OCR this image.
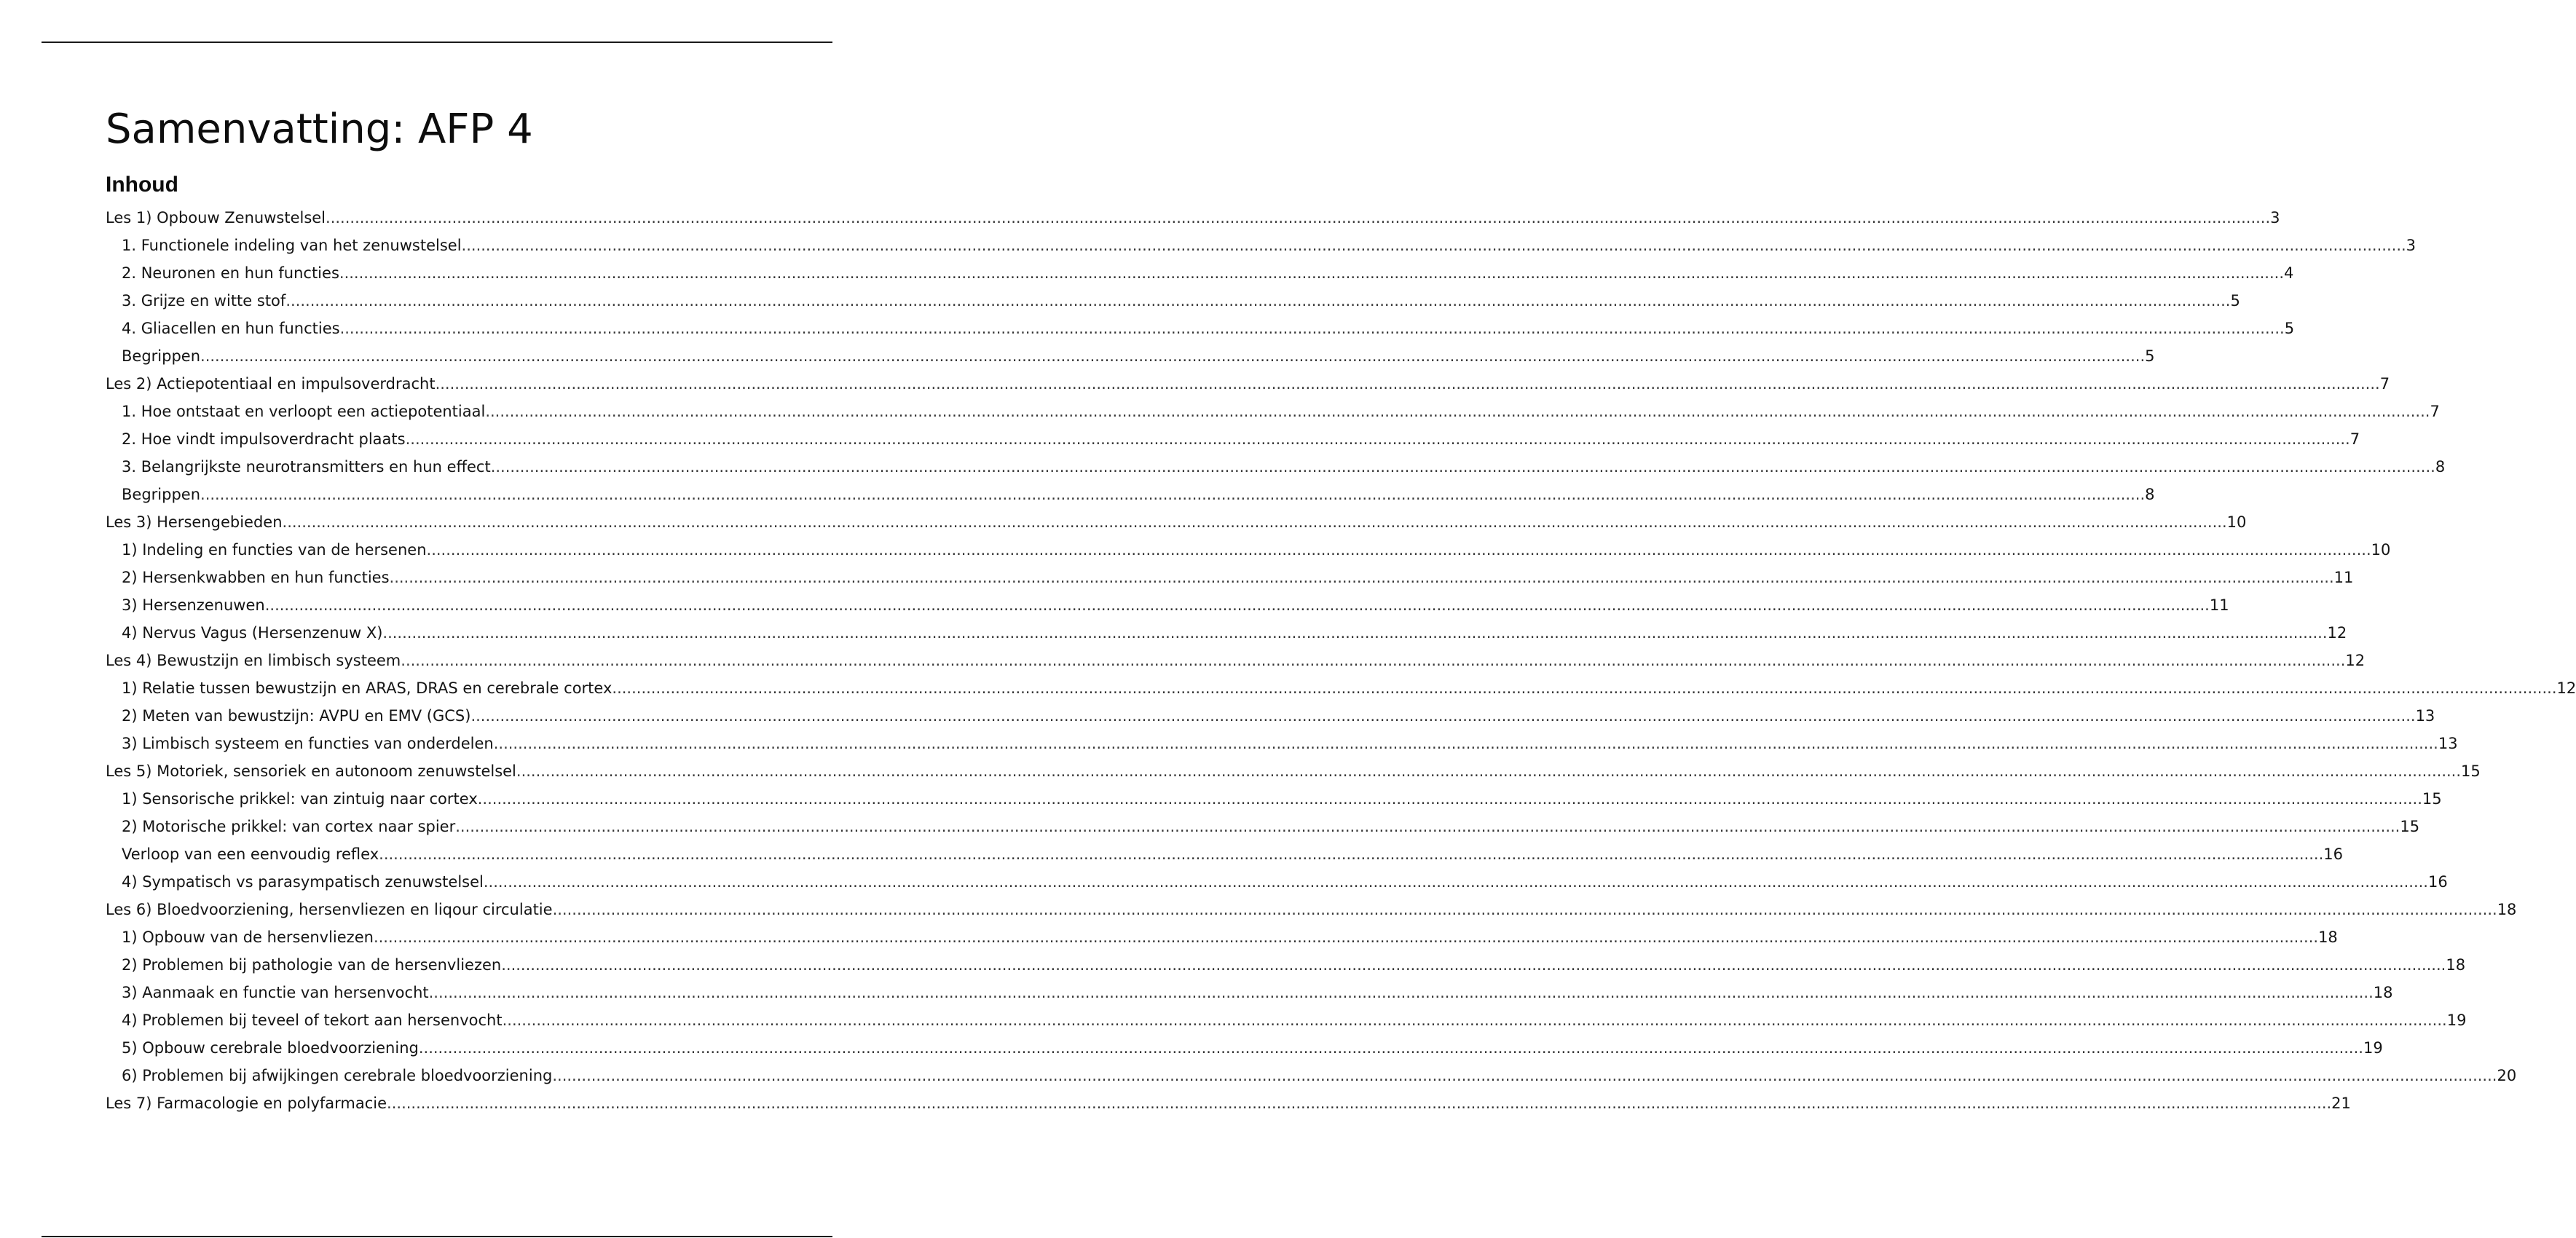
Samenvatting: AFP 4
Inhoud
Les 1) Opbouw Zenuwstelsel ................................................................................................................................................................................................................................................................................................................................................................................................................ 3
1. Functionele indeling van het zenuwstelsel ................................................................................................................................................................................................................................................................................................................................................................................................................ 3
2. Neuronen en hun functies ................................................................................................................................................................................................................................................................................................................................................................................................................ 4
3. Grijze en witte stof ................................................................................................................................................................................................................................................................................................................................................................................................................ 5
4. Gliacellen en hun functies ................................................................................................................................................................................................................................................................................................................................................................................................................ 5
Begrippen ................................................................................................................................................................................................................................................................................................................................................................................................................ 5
Les 2) Actiepotentiaal en impulsoverdracht ................................................................................................................................................................................................................................................................................................................................................................................................................ 7
1. Hoe ontstaat en verloopt een actiepotentiaal ................................................................................................................................................................................................................................................................................................................................................................................................................ 7
2. Hoe vindt impulsoverdracht plaats ................................................................................................................................................................................................................................................................................................................................................................................................................ 7
3. Belangrijkste neurotransmitters en hun effect ................................................................................................................................................................................................................................................................................................................................................................................................................ 8
Begrippen ................................................................................................................................................................................................................................................................................................................................................................................................................ 8
Les 3) Hersengebieden ................................................................................................................................................................................................................................................................................................................................................................................................................ 10
1) Indeling en functies van de hersenen ................................................................................................................................................................................................................................................................................................................................................................................................................ 10
2) Hersenkwabben en hun functies ................................................................................................................................................................................................................................................................................................................................................................................................................ 11
3) Hersenzenuwen ................................................................................................................................................................................................................................................................................................................................................................................................................ 11
4) Nervus Vagus (Hersenzenuw X) ................................................................................................................................................................................................................................................................................................................................................................................................................ 12
Les 4) Bewustzijn en limbisch systeem ................................................................................................................................................................................................................................................................................................................................................................................................................ 12
1) Relatie tussen bewustzijn en ARAS, DRAS en cerebrale cortex ................................................................................................................................................................................................................................................................................................................................................................................................................ 12
2) Meten van bewustzijn: AVPU en EMV (GCS) ................................................................................................................................................................................................................................................................................................................................................................................................................ 13
3) Limbisch systeem en functies van onderdelen ................................................................................................................................................................................................................................................................................................................................................................................................................ 13
Les 5) Motoriek, sensoriek en autonoom zenuwstelsel ................................................................................................................................................................................................................................................................................................................................................................................................................ 15
1) Sensorische prikkel: van zintuig naar cortex ................................................................................................................................................................................................................................................................................................................................................................................................................ 15
2) Motorische prikkel: van cortex naar spier ................................................................................................................................................................................................................................................................................................................................................................................................................ 15
Verloop van een eenvoudig reflex ................................................................................................................................................................................................................................................................................................................................................................................................................ 16
4) Sympatisch vs parasympatisch zenuwstelsel ................................................................................................................................................................................................................................................................................................................................................................................................................ 16
Les 6) Bloedvoorziening, hersenvliezen en liqour circulatie ................................................................................................................................................................................................................................................................................................................................................................................................................ 18
1) Opbouw van de hersenvliezen ................................................................................................................................................................................................................................................................................................................................................................................................................ 18
2) Problemen bij pathologie van de hersenvliezen ................................................................................................................................................................................................................................................................................................................................................................................................................ 18
3) Aanmaak en functie van hersenvocht ................................................................................................................................................................................................................................................................................................................................................................................................................ 18
4) Problemen bij teveel of tekort aan hersenvocht ................................................................................................................................................................................................................................................................................................................................................................................................................ 19
5) Opbouw cerebrale bloedvoorziening ................................................................................................................................................................................................................................................................................................................................................................................................................ 19
6) Problemen bij afwijkingen cerebrale bloedvoorziening ................................................................................................................................................................................................................................................................................................................................................................................................................ 20
Les 7) Farmacologie en polyfarmacie ................................................................................................................................................................................................................................................................................................................................................................................................................ 21
